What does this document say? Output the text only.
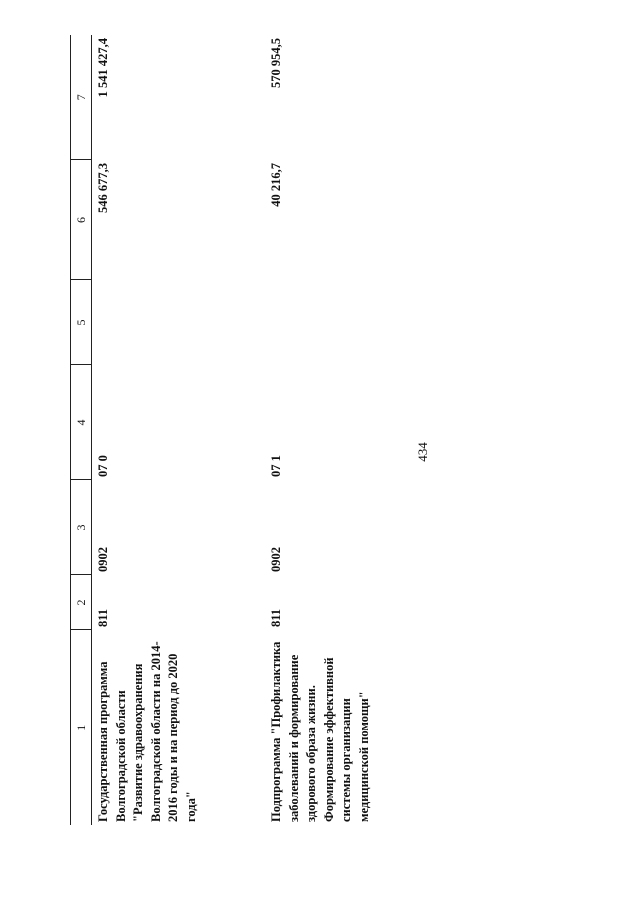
434
1	2	3	4	5	6	7
Государственная программа Волгоградской области "Развитие здравоохранения Волгоградской области на 2014-2016 годы и на период до 2020 года"	811	0902	07 0		546 677,3	1 541 427,4
Подпрограмма "Профилактика заболеваний и формирование здорового образа жизни. Формирование эффективной системы организации медицинской помощи"	811	0902	07 1		40 216,7	570 954,5
